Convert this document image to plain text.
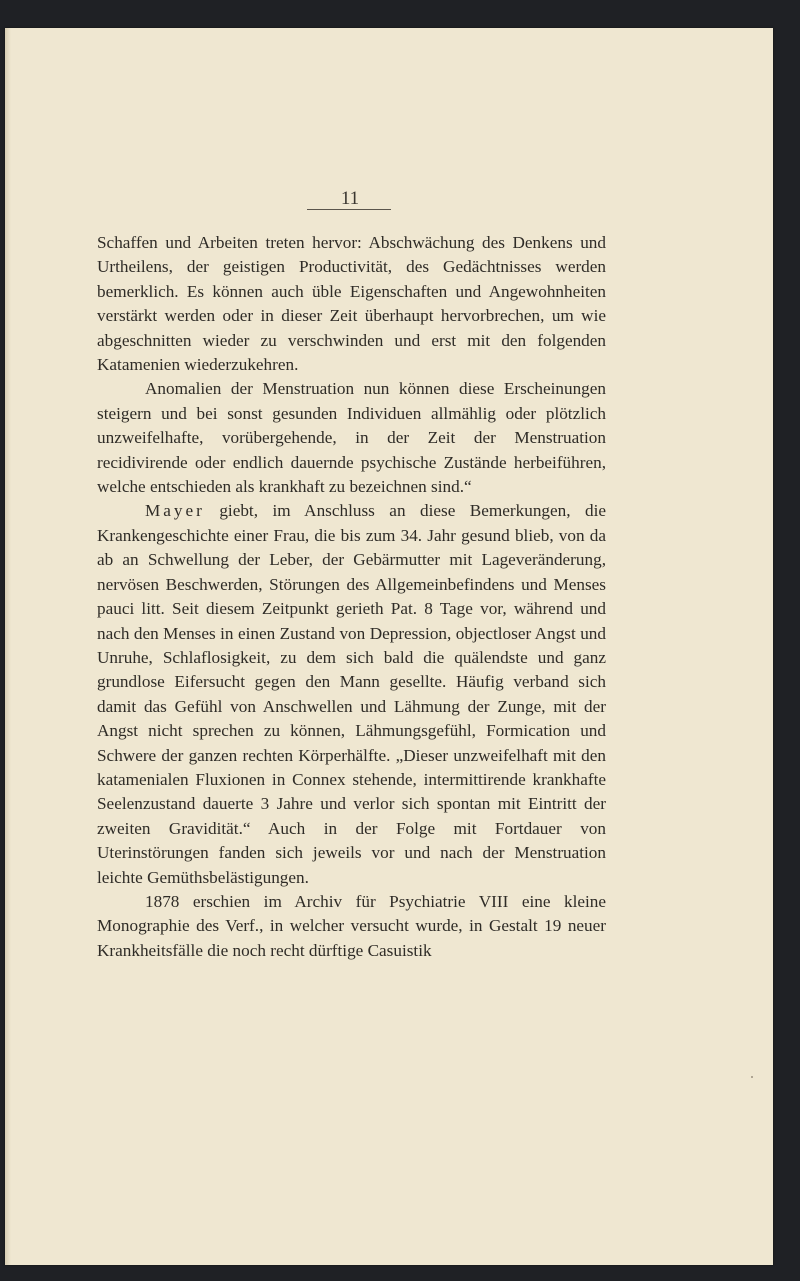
11

Schaffen und Arbeiten treten hervor: Abschwächung des Denkens und Urtheilens, der geistigen Productivität, des Gedächtnisses werden bemerklich. Es können auch üble Eigenschaften und Angewohnheiten verstärkt werden oder in dieser Zeit überhaupt hervorbrechen, um wie abgeschnitten wieder zu verschwinden und erst mit den folgenden Katamenien wiederzukehren.

Anomalien der Menstruation nun können diese Erscheinungen steigern und bei sonst gesunden Individuen allmählig oder plötzlich unzweifelhafte, vorübergehende, in der Zeit der Menstruation recidivirende oder endlich dauernde psychische Zustände herbeiführen, welche entschieden als krankhaft zu bezeichnen sind.“

Mayer giebt, im Anschluss an diese Bemerkungen, die Krankengeschichte einer Frau, die bis zum 34. Jahr gesund blieb, von da ab an Schwellung der Leber, der Gebärmutter mit Lageveränderung, nervösen Beschwerden, Störungen des Allgemeinbefindens und Menses pauci litt. Seit diesem Zeitpunkt gerieth Pat. 8 Tage vor, während und nach den Menses in einen Zustand von Depression, objectloser Angst und Unruhe, Schlaflosigkeit, zu dem sich bald die quälendste und ganz grundlose Eifersucht gegen den Mann gesellte. Häufig verband sich damit das Gefühl von Anschwellen und Lähmung der Zunge, mit der Angst nicht sprechen zu können, Lähmungsgefühl, Formication und Schwere der ganzen rechten Körperhälfte. „Dieser unzweifelhaft mit den katamenialen Fluxionen in Connex stehende, intermittirende krankhafte Seelenzustand dauerte 3 Jahre und verlor sich spontan mit Eintritt der zweiten Gravidität.“ Auch in der Folge mit Fortdauer von Uterinstörungen fanden sich jeweils vor und nach der Menstruation leichte Gemüthsbelästigungen.

1878 erschien im Archiv für Psychiatrie VIII eine kleine Monographie des Verf., in welcher versucht wurde, in Gestalt 19 neuer Krankheitsfälle die noch recht dürftige Casuistik
